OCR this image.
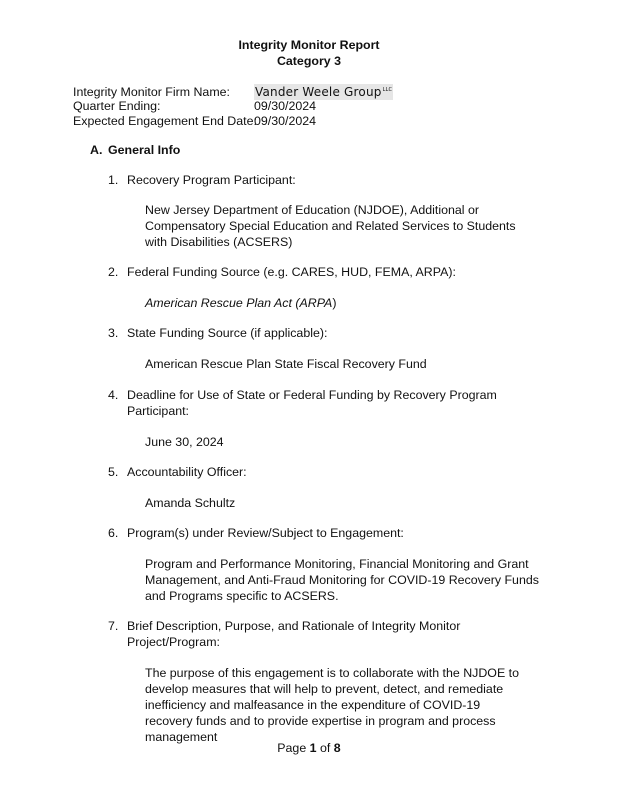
Integrity Monitor Report
Category 3
Integrity Monitor Firm Name: Vander Weele Group$^{LLC}$
Quarter Ending:	09/30/2024
Expected Engagement End Date:
09/30/2024
A. General Info
1. Recovery Program Participant:
New Jersey Department of Education (NJDOE), Additional or Compensatory Special Education and Related Services to Students with Disabilities (ACSERS)
2. Federal Funding Source (e.g. CARES, HUD, FEMA, ARPA):
American Rescue Plan Act (ARPA)
3. State Funding Source (if applicable):
American Rescue Plan State Fiscal Recovery Fund
4. Deadline for Use of State or Federal Funding by Recovery Program Participant:
June 30, 2024
5. Accountability Officer:
Amanda Schultz
6. Program(s) under Review/Subject to Engagement:
Program and Performance Monitoring, Financial Monitoring and Grant Management, and Anti-Fraud Monitoring for COVID-19 Recovery Funds and Programs specific to ACSERS.
7. Brief Description, Purpose, and Rationale of Integrity Monitor Project/Program:
The purpose of this engagement is to collaborate with the NJDOE to develop measures that will help to prevent, detect, and remediate inefficiency and malfeasance in the expenditure of COVID-19 recovery funds and to provide expertise in program and process management
Page 1 of 8
